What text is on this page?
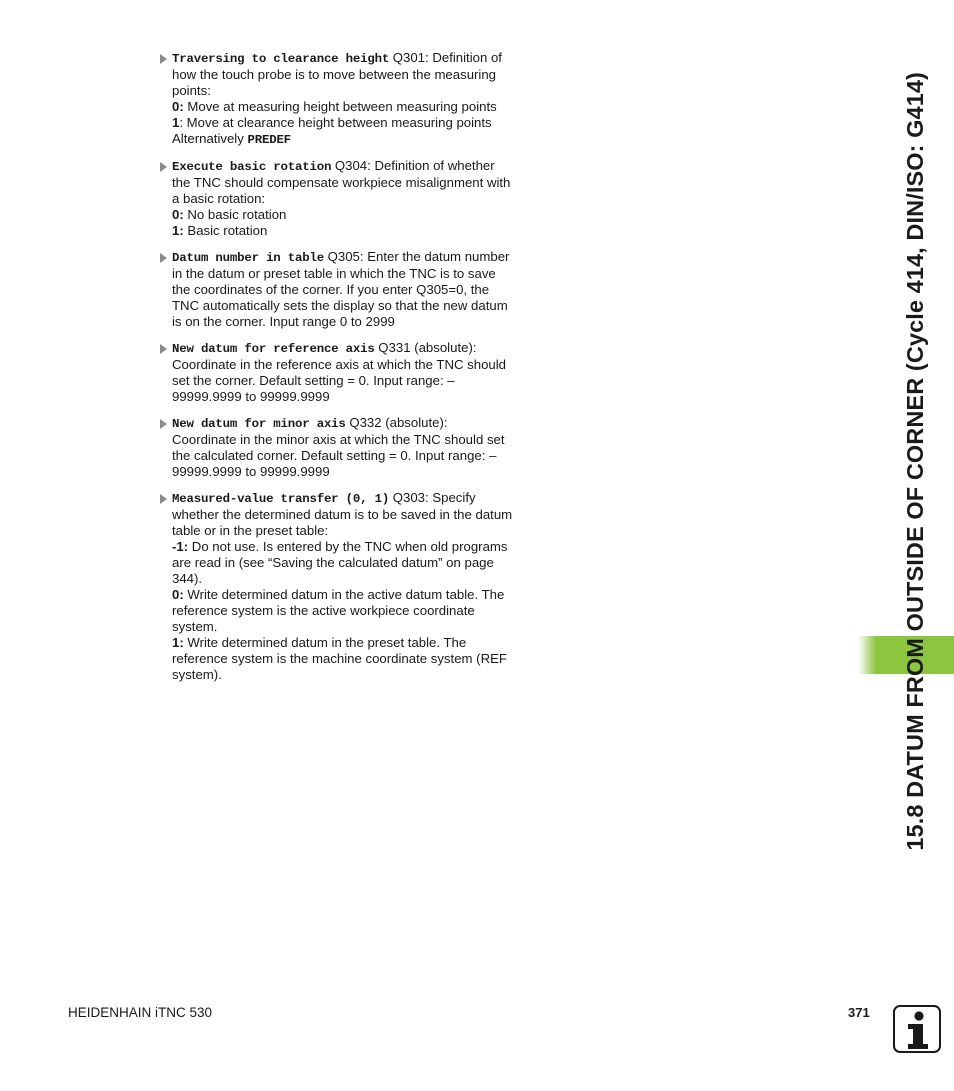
Traversing to clearance height Q301: Definition of how the touch probe is to move between the measuring points:

0: Move at measuring height between measuring points

1: Move at clearance height between measuring points

Alternatively PREDEF

Execute basic rotation Q304: Definition of whether the TNC should compensate workpiece misalignment with a basic rotation:

0: No basic rotation

1: Basic rotation

Datum number in table Q305: Enter the datum number in the datum or preset table in which the TNC is to save the coordinates of the corner. If you enter Q305=0, the TNC automatically sets the display so that the new datum is on the corner. Input range 0 to 2999

New datum for reference axis Q331 (absolute): Coordinate in the reference axis at which the TNC should set the corner. Default setting = 0. Input range: –99999.9999 to 99999.9999

New datum for minor axis Q332 (absolute): Coordinate in the minor axis at which the TNC should set the calculated corner. Default setting = 0. Input range: –99999.9999 to 99999.9999

Measured-value transfer (0, 1) Q303: Specify whether the determined datum is to be saved in the datum table or in the preset table:

-1: Do not use. Is entered by the TNC when old programs are read in (see “Saving the calculated datum” on page 344).

0: Write determined datum in the active datum table. The reference system is the active workpiece coordinate system.

1: Write determined datum in the preset table. The reference system is the machine coordinate system (REF system).	15.8 DATUM FROM OUTSIDE OF CORNER (Cycle 414, DIN/ISO: G414)
HEIDENHAIN iTNC 530	371
